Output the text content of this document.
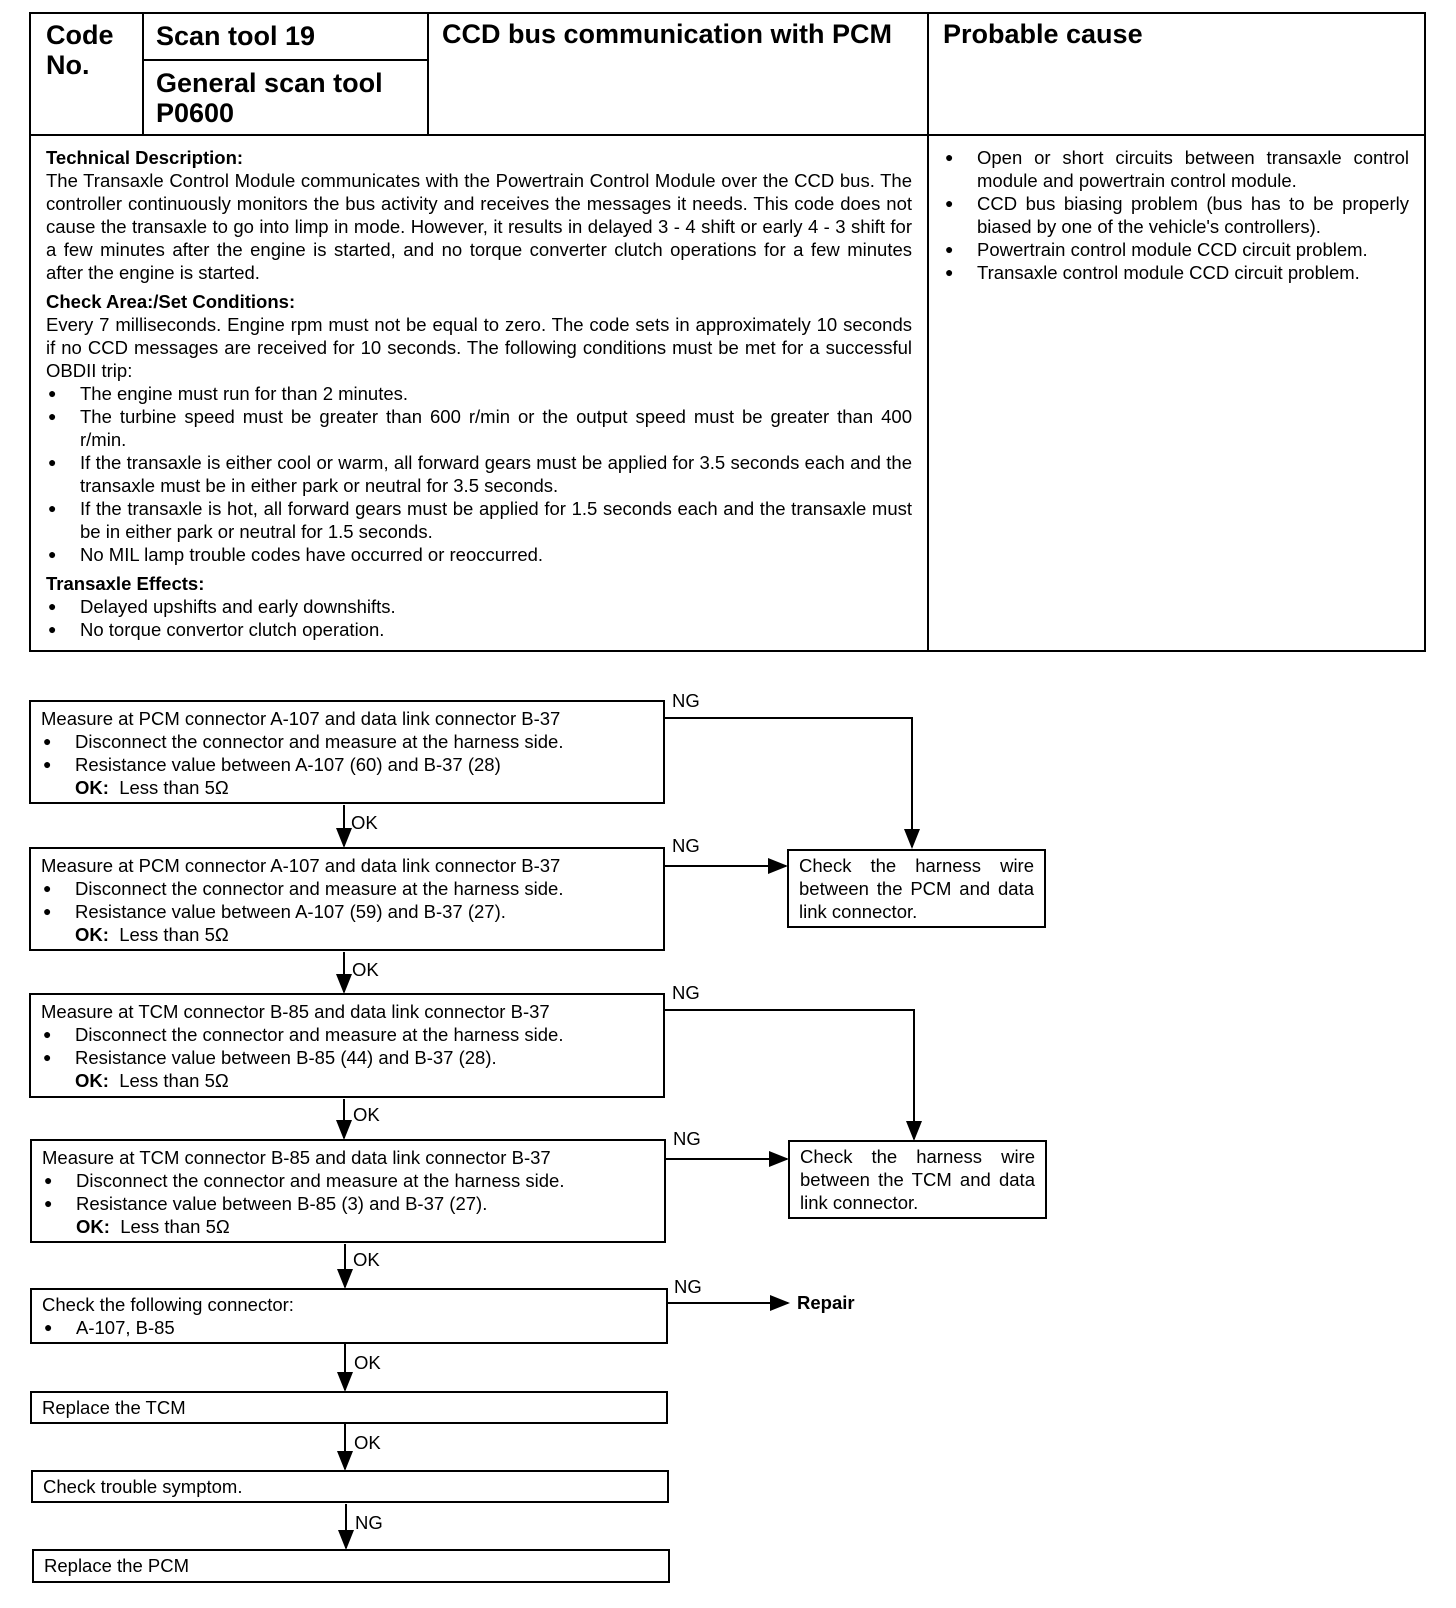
Code No.
Scan tool 19
General scan tool P0600
CCD bus communication with PCM	Probable cause
Technical Description:
The Transaxle Control Module communicates with the Powertrain Control Module over the CCD bus. The controller continuously monitors the bus activity and receives the messages it needs. This code does not cause the transaxle to go into limp in mode. However, it results in delayed 3 - 4 shift or early 4 - 3 shift for a few minutes after the engine is started, and no torque converter clutch operations for a few minutes after the engine is started.
Check Area:/Set Conditions:
Every 7 milliseconds. Engine rpm must not be equal to zero. The code sets in approximately 10 seconds if no CCD messages are received for 10 seconds. The following conditions must be met for a successful OBDII trip:
● The engine must run for than 2 minutes.
● The turbine speed must be greater than 600 r/min or the output speed must be greater than 400 r/min.
● If the transaxle is either cool or warm, all forward gears must be applied for 3.5 seconds each and the transaxle must be in either park or neutral for 3.5 seconds.
● If the transaxle is hot, all forward gears must be applied for 1.5 seconds each and the transaxle must be in either park or neutral for 1.5 seconds.
● No MIL lamp trouble codes have occurred or reoccurred.
Transaxle Effects:
● Delayed upshifts and early downshifts.
● No torque convertor clutch operation.
● Open or short circuits between transaxle control module and powertrain control module.
● CCD bus biasing problem (bus has to be properly biased by one of the vehicle's controllers).
● Powertrain control module CCD circuit problem.
● Transaxle control module CCD circuit problem.
NG
NG
NG
NG
NG
OK
OK
OK
OK
OK
OK
NG
Measure at PCM connector A-107 and data link connector B-37
● Disconnect the connector and measure at the harness side.
● Resistance value between A-107 (60) and B-37 (28)
OK: Less than 5Ω
Measure at PCM connector A-107 and data link connector B-37
● Disconnect the connector and measure at the harness side.
● Resistance value between A-107 (59) and B-37 (27).
OK: Less than 5Ω
Measure at TCM connector B-85 and data link connector B-37
● Disconnect the connector and measure at the harness side.
● Resistance value between B-85 (44) and B-37 (28).
OK: Less than 5Ω
Measure at TCM connector B-85 and data link connector B-37
● Disconnect the connector and measure at the harness side.
● Resistance value between B-85 (3) and B-37 (27).
OK: Less than 5Ω
Check the following connector:
● A-107, B-85
Replace the TCM
Check trouble symptom.
Replace the PCM
Check the harness wire between the PCM and data link connector.
Check the harness wire between the TCM and data link connector.
Repair
